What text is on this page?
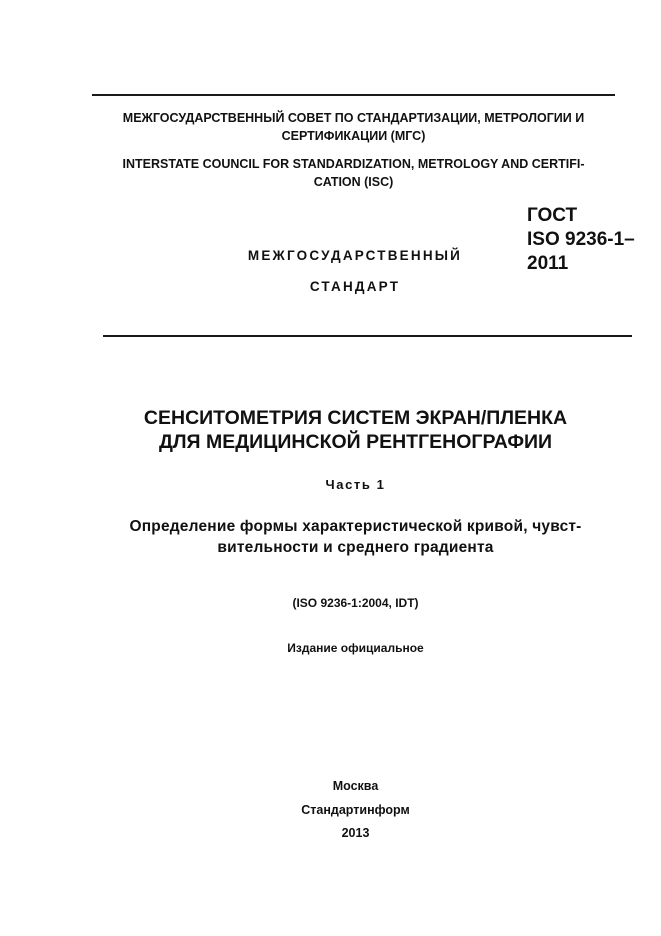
МЕЖГОСУДАРСТВЕННЫЙ СОВЕТ ПО СТАНДАРТИЗАЦИИ, МЕТРОЛОГИИ И
СЕРТИФИКАЦИИ (МГС)
INTERSTATE COUNCIL FOR STANDARDIZATION, METROLOGY AND CERTIFI-
CATION (ISC)
МЕЖГОСУДАРСТВЕННЫЙ
СТАНДАРТ
ГОСТ
ISO 9236-1–
2011
СЕНСИТОМЕТРИЯ СИСТЕМ ЭКРАН/ПЛЕНКА
ДЛЯ МЕДИЦИНСКОЙ РЕНТГЕНОГРАФИИ
Часть 1
Определение формы характеристической кривой, чувст-
вительности и среднего градиента
(ISO 9236-1:2004, IDT)
Издание официальное
Москва
Стандартинформ
2013
